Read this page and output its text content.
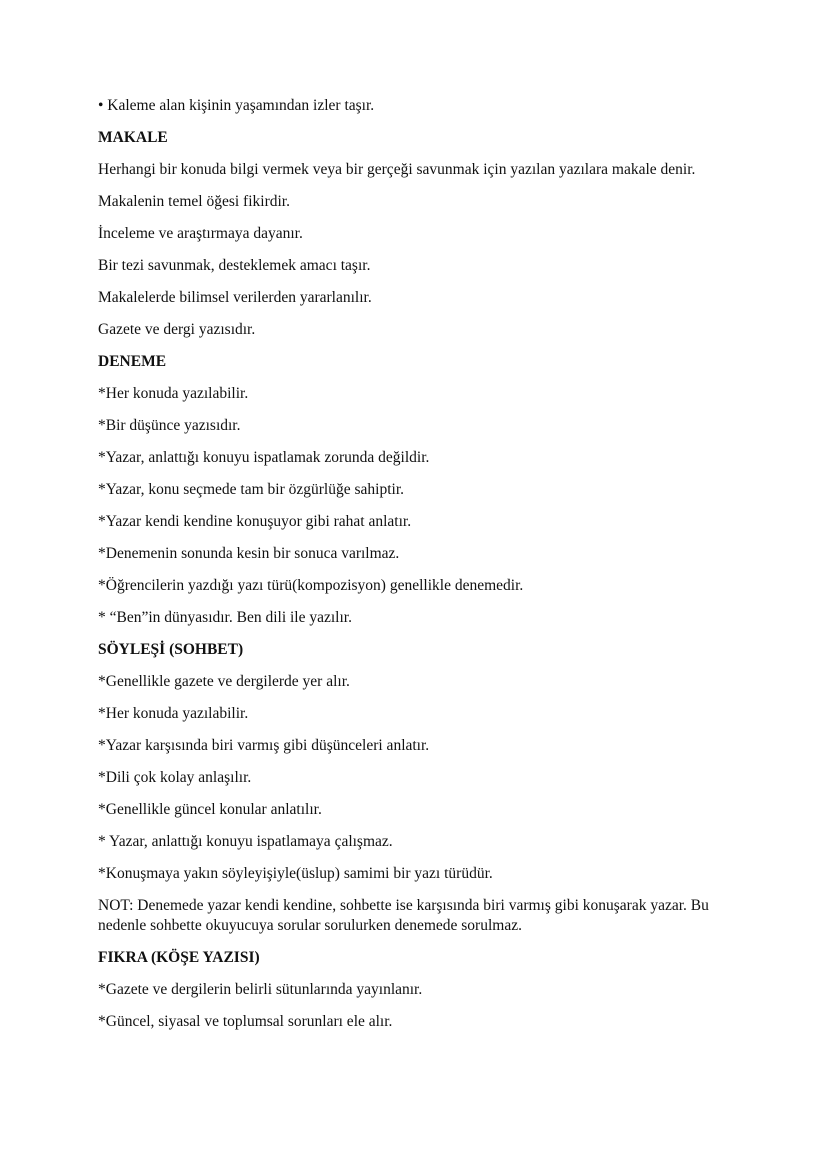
• Kaleme alan kişinin yaşamından izler taşır.

MAKALE

Herhangi bir konuda bilgi vermek veya bir gerçeği savunmak için yazılan yazılara makale denir.

Makalenin temel öğesi fikirdir.

İnceleme ve araştırmaya dayanır.

Bir tezi savunmak, desteklemek amacı taşır.

Makalelerde bilimsel verilerden yararlanılır.

Gazete ve dergi yazısıdır.

DENEME

*Her konuda yazılabilir.

*Bir düşünce yazısıdır.

*Yazar, anlattığı konuyu ispatlamak zorunda değildir.

*Yazar, konu seçmede tam bir özgürlüğe sahiptir.

*Yazar kendi kendine konuşuyor gibi rahat anlatır.

*Denemenin sonunda kesin bir sonuca varılmaz.

*Öğrencilerin yazdığı yazı türü(kompozisyon) genellikle denemedir.

* “Ben”in dünyasıdır. Ben dili ile yazılır.

SÖYLEŞİ (SOHBET)

*Genellikle gazete ve dergilerde yer alır.

*Her konuda yazılabilir.

*Yazar karşısında biri varmış gibi düşünceleri anlatır.

*Dili çok kolay anlaşılır.

*Genellikle güncel konular anlatılır.

* Yazar, anlattığı konuyu ispatlamaya çalışmaz.

*Konuşmaya yakın söyleyişiyle(üslup) samimi bir yazı türüdür.

NOT: Denemede yazar kendi kendine, sohbette ise karşısında biri varmış gibi konuşarak yazar. Bu nedenle sohbette okuyucuya sorular sorulurken denemede sorulmaz.

FIKRA (KÖŞE YAZISI)

*Gazete ve dergilerin belirli sütunlarında yayınlanır.

*Güncel, siyasal ve toplumsal sorunları ele alır.
